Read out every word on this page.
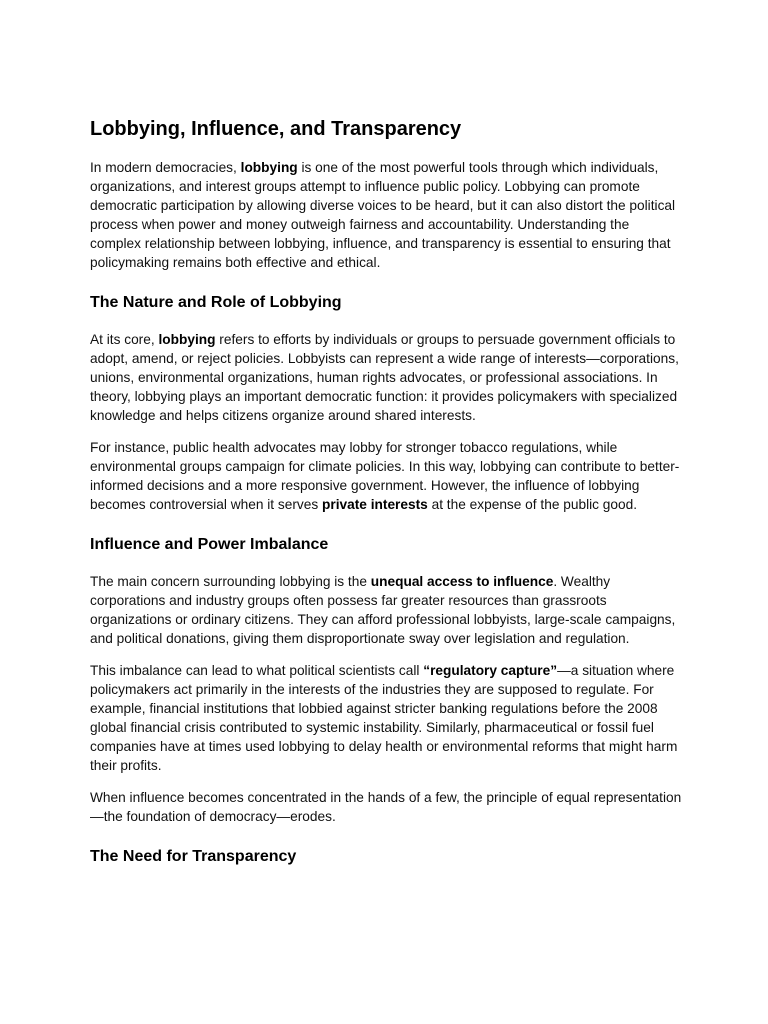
Lobbying, Influence, and Transparency

In modern democracies, lobbying is one of the most powerful tools through which individuals, organizations, and interest groups attempt to influence public policy. Lobbying can promote democratic participation by allowing diverse voices to be heard, but it can also distort the political process when power and money outweigh fairness and accountability. Understanding the complex relationship between lobbying, influence, and transparency is essential to ensuring that policymaking remains both effective and ethical.

The Nature and Role of Lobbying

At its core, lobbying refers to efforts by individuals or groups to persuade government officials to adopt, amend, or reject policies. Lobbyists can represent a wide range of interests—corporations, unions, environmental organizations, human rights advocates, or professional associations. In theory, lobbying plays an important democratic function: it provides policymakers with specialized knowledge and helps citizens organize around shared interests.

For instance, public health advocates may lobby for stronger tobacco regulations, while environmental groups campaign for climate policies. In this way, lobbying can contribute to better-informed decisions and a more responsive government. However, the influence of lobbying becomes controversial when it serves private interests at the expense of the public good.

Influence and Power Imbalance

The main concern surrounding lobbying is the unequal access to influence. Wealthy corporations and industry groups often possess far greater resources than grassroots organizations or ordinary citizens. They can afford professional lobbyists, large-scale campaigns, and political donations, giving them disproportionate sway over legislation and regulation.

This imbalance can lead to what political scientists call “regulatory capture”—a situation where policymakers act primarily in the interests of the industries they are supposed to regulate. For example, financial institutions that lobbied against stricter banking regulations before the 2008 global financial crisis contributed to systemic instability. Similarly, pharmaceutical or fossil fuel companies have at times used lobbying to delay health or environmental reforms that might harm their profits.

When influence becomes concentrated in the hands of a few, the principle of equal representation—the foundation of democracy—erodes.

The Need for Transparency
